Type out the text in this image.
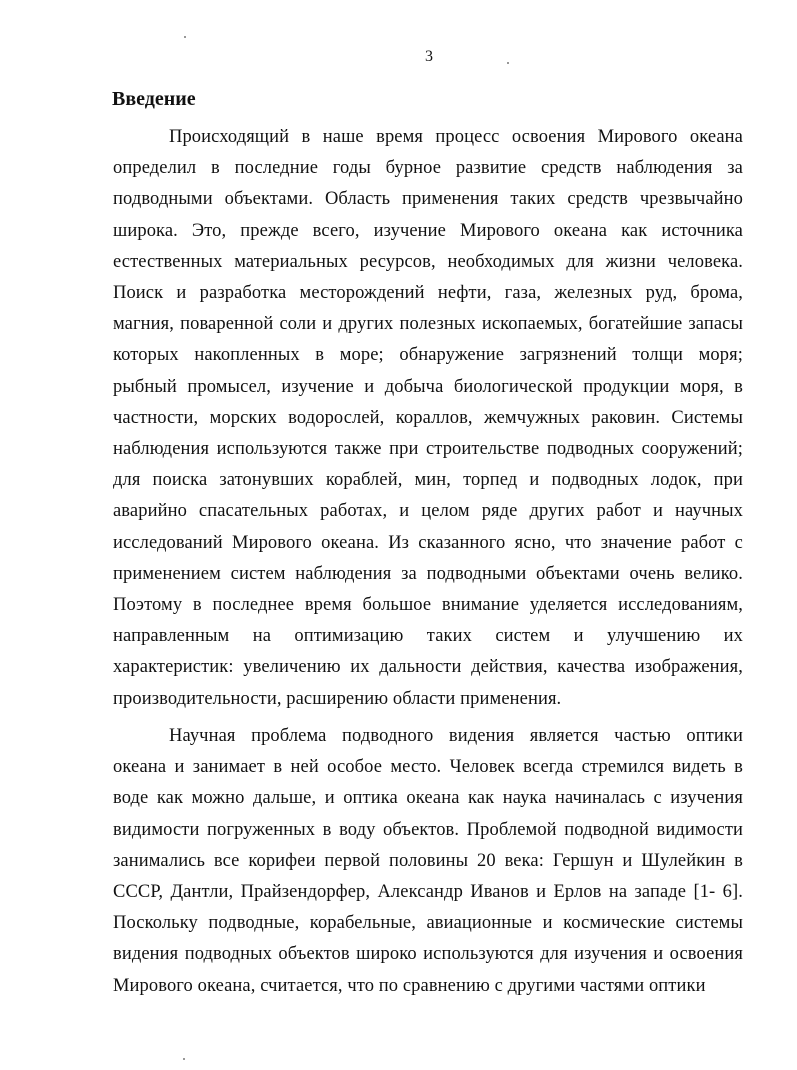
3
Введение

Происходящий в наше время процесс освоения Мирового океана
определил в последние годы бурное развитие средств наблюдения за
подводными объектами. Область применения таких средств чрезвычайно
широка. Это, прежде всего, изучение Мирового океана как источника
естественных материальных ресурсов, необходимых для жизни человека.
Поиск и разработка месторождений нефти, газа, железных руд, брома,
магния, поваренной соли и других полезных ископаемых, богатейшие запасы
которых накопленных в море; обнаружение загрязнений толщи моря;
рыбный промысел, изучение и добыча биологической продукции моря, в
частности, морских водорослей, кораллов, жемчужных раковин. Системы
наблюдения используются также при строительстве подводных сооружений;
для поиска затонувших кораблей, мин, торпед и подводных лодок, при
аварийно спасательных работах, и целом ряде других работ и научных
исследований Мирового океана. Из сказанного ясно, что значение работ с
применением систем наблюдения за подводными объектами очень велико.
Поэтому в последнее время большое внимание уделяется исследованиям,
направленным на оптимизацию таких систем и улучшению их
характеристик: увеличению их дальности действия, качества изображения,
производительности, расширению области применения.

Научная проблема подводного видения является частью оптики
океана и занимает в ней особое место. Человек всегда стремился видеть в
воде как можно дальше, и оптика океана как наука начиналась с изучения
видимости погруженных в воду объектов. Проблемой подводной видимости
занимались все корифеи первой половины 20 века: Гершун и Шулейкин в
СССР, Дантли, Прайзендорфер, Александр Иванов и Ерлов на западе [1- 6].
Поскольку подводные, корабельные, авиационные и космические системы
видения подводных объектов широко используются для изучения и освоения
Мирового океана, считается, что по сравнению с другими частями оптики
